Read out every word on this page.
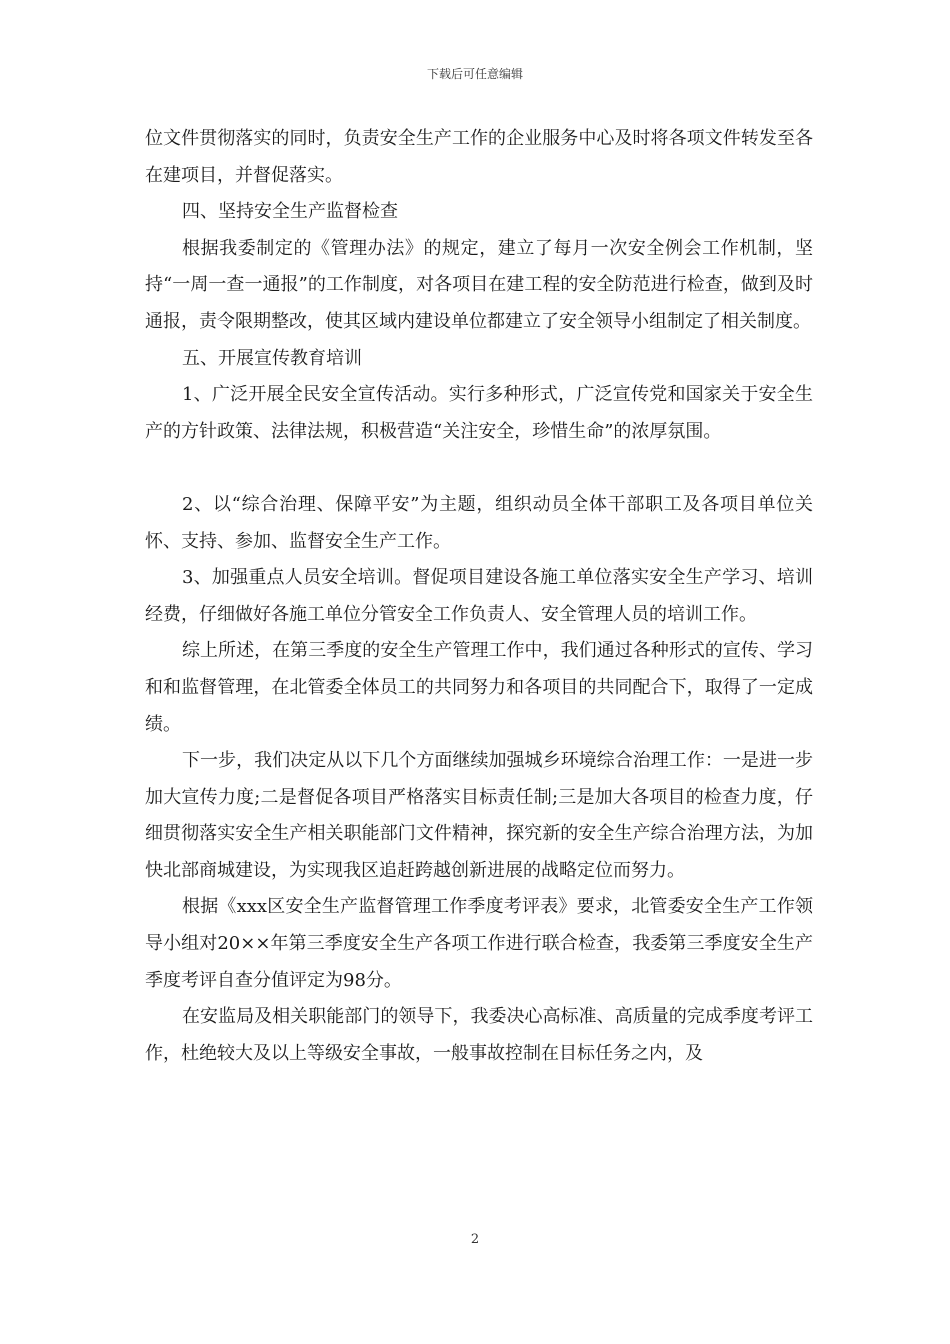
下载后可任意编辑

位文件贯彻落实的同时，负责安全生产工作的企业服务中心及时将各项文件转发至各在建项目，并督促落实。

四、坚持安全生产监督检查

根据我委制定的《管理办法》的规定，建立了每月一次安全例会工作机制，坚持“一周一查一通报”的工作制度，对各项目在建工程的安全防范进行检查，做到及时通报，责令限期整改，使其区域内建设单位都建立了安全领导小组制定了相关制度。

五、开展宣传教育培训

1、广泛开展全民安全宣传活动。实行多种形式，广泛宣传党和国家关于安全生产的方针政策、法律法规，积极营造“关注安全，珍惜生命”的浓厚氛围。

2、以“综合治理、保障平安”为主题，组织动员全体干部职工及各项目单位关怀、支持、参加、监督安全生产工作。

3、加强重点人员安全培训。督促项目建设各施工单位落实安全生产学习、培训经费，仔细做好各施工单位分管安全工作负责人、安全管理人员的培训工作。

综上所述，在第三季度的安全生产管理工作中，我们通过各种形式的宣传、学习和和监督管理，在北管委全体员工的共同努力和各项目的共同配合下，取得了一定成绩。

下一步，我们决定从以下几个方面继续加强城乡环境综合治理工作：一是进一步加大宣传力度;二是督促各项目严格落实目标责任制;三是加大各项目的检查力度，仔细贯彻落实安全生产相关职能部门文件精神，探究新的安全生产综合治理方法，为加快北部商城建设，为实现我区追赶跨越创新进展的战略定位而努力。

根据《xxx区安全生产监督管理工作季度考评表》要求，北管委安全生产工作领导小组对20××年第三季度安全生产各项工作进行联合检查，我委第三季度安全生产季度考评自查分值评定为98分。

在安监局及相关职能部门的领导下，我委决心高标准、高质量的完成季度考评工作，杜绝较大及以上等级安全事故，一般事故控制在目标任务之内，及

2
